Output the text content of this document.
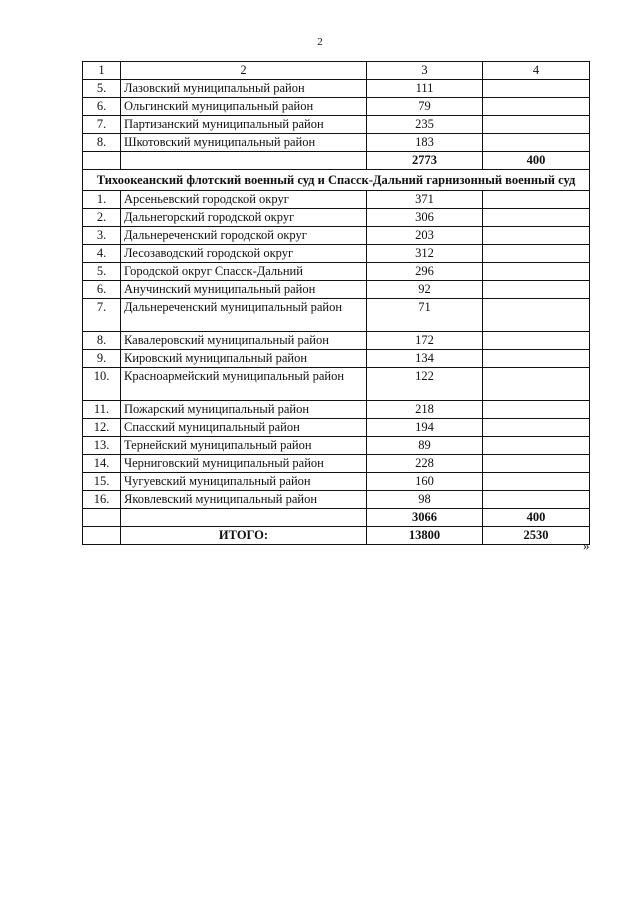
2
1	2	3	4
5.	Лазовский муниципальный район	111	
6.	Ольгинский муниципальный район	79	
7.	Партизанский муниципальный район	235	
8.	Шкотовский муниципальный район	183	
		2773	400
Тихоокеанский флотский военный суд и Спасск-Дальний гарнизонный военный суд			
1.	Арсеньевский городской округ	371	
2.	Дальнегорский городской округ	306	
3.	Дальнереченский городской округ	203	
4.	Лесозаводский городской округ	312	
5.	Городской округ Спасск-Дальний	296	
6.	Анучинский муниципальный район	92	
7.	Дальнереченский муниципальный район	71	
8.	Кавалеровский муниципальный район	172	
9.	Кировский муниципальный район	134	
10.	Красноармейский муниципальный район	122	
11.	Пожарский муниципальный район	218	
12.	Спасский муниципальный район	194	
13.	Тернейский муниципальный район	89	
14.	Черниговский муниципальный район	228	
15.	Чугуевский муниципальный район	160	
16.	Яковлевский муниципальный район	98	
		3066	400
	ИТОГО:	13800	2530
»
